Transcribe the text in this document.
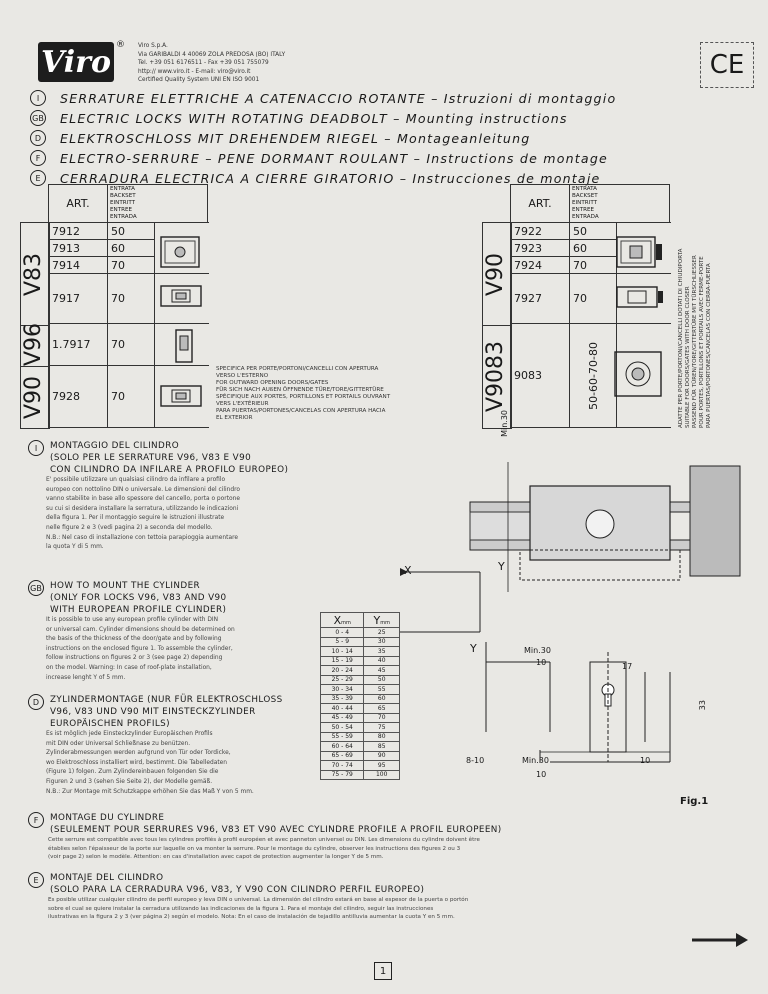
Viro ® Viro S.p.A.
Via GARIBALDI 4 40069 ZOLA PREDOSA (BO) ITALY
Tel. +39 051 6176511 - Fax +39 051 755079
http:// www.viro.it - E-mail: viro@viro.it
Certified Quality System UNI EN ISO 9001
CE
I	SERRATURE ELETTRICHE A CATENACCIO ROTANTE – Istruzioni di montaggio
GB ELECTRIC LOCKS WITH ROTATING DEADBOLT – Mounting instructions
D	ELEKTROSCHLOSS MIT DREHENDEM RIEGEL – Montageanleitung
F	ELECTRO-SERRURE – PENE DORMANT ROULANT – Instructions de montage
E	CERRADURA ELECTRICA A CIERRE GIRATORIO – Instrucciones de montaje
ART.
ENTRATA
BACKSET
EINTRITT
ENTREE
ENTRADA
V83
V96
V90
7912	50	
7913	60	
7914	70	
7917	70	
1.7917	70	
7928	70	
SPECIFICA PER PORTE/PORTONI/CANCELLI CON APERTURA
VERSO L'ESTERNO
FOR OUTWARD OPENING DOORS/GATES
FÜR SICH NACH AUßEN ÖFFNENDE TÜRE/TORE/GITTERTÜRE
SPÉCIFIQUE AUX PORTES, PORTILLONS ET PORTAILS OUVRANT
VERS L'EXTÉRIEUR
PARA PUERTAS/PORTONES/CANCELAS CON APERTURA HACIA
EL EXTERIOR
ART.
ENTRATA
BACKSET
EINTRITT
ENTREE
ENTRADA
V90
V9083
7922	50	
7923	60	
7924	70	
7927	70	
9083	50-60-70-80	
		ADATTE PER PORTE/PORTONI/CANCELLI DOTATI DI CHIUDIPORTA SUITABLE FOR DOORS/GATES WITH DOOR CLOSER PASSEND FÜR TÜREN/TORE/GITTERTÜRE MIT TÜRSCHLIESSER POUR PORTES, PORTILLONS ET PORTAILS AVEC FERME-PORTE PARA PUERTAS/PORTONES/CANCELAS CON CIERRA-PUERTA
I	MONTAGGIO DEL CILINDRO
(SOLO PER LE SERRATURE V96, V83 E V90
CON CILINDRO DA INFILARE A PROFILO EUROPEO)
E' possibile utilizzare un qualsiasi cilindro da infilare a profilo
europeo con nottolino DIN o universale. Le dimensioni del cilindro
vanno stabilite in base allo spessore del cancello, porta o portone
su cui si desidera installare la serratura, utilizzando le indicazioni
della figura 1. Per il montaggio seguire le istruzioni illustrate
nelle figure 2 e 3 (vedi pagina 2) a seconda del modello.
N.B.: Nel caso di installazione con tettoia parapioggia aumentare
la quota Y di 5 mm.
GB HOW TO MOUNT THE CYLINDER
(ONLY FOR LOCKS V96, V83 AND V90
WITH EUROPEAN PROFILE CYLINDER)
It is possible to use any european profile cylinder with DIN
or universal cam. Cylinder dimensions should be determined on
the basis of the thickness of the door/gate and by following
instructions on the enclosed figure 1. To assemble the cylinder,
follow instructions on figures 2 or 3 (see page 2) depending
on the model. Warning: In case of roof-plate installation,
increase lenght Y of 5 mm.
D	ZYLINDERMONTAGE (NUR FÜR ELEKTROSCHLOSS
V96, V83 UND V90 MIT EINSTECKZYLINDER
EUROPÄISCHEN PROFILS)
Es ist möglich jede Einsteckzylinder Europäischen Profils
mit DIN oder Universal Schließnase zu benützen.
Zylinderabmessungen werden aufgrund von Tür oder Tordicke,
wo Elektroschloss installiert wird, bestimmt. Die Tabelledaten
(Figure 1) folgen. Zum Zylindereinbauen folgenden Sie die
Figuren 2 und 3 (sehen Sie Seite 2), der Modelle gemäß.
N.B.: Zur Montage mit Schutzkappe erhöhen Sie das Maß Y von 5 mm.
Xmm	Ymm
0 - 4	25
5 - 9	30
10 - 14	35
15 - 19	40
20 - 24	45
25 - 29	50
30 - 34	55
35 - 39	60
40 - 44	65
45 - 49	70
50 - 54	75
55 - 59	80
60 - 64	85
65 - 69	90
70 - 74	95
75 - 79	100
Min.30
X	Y
Y	Min.30
10	17
33
8-10	Min.30
10
10
Fig.1
F	MONTAGE DU CYLINDRE
(SEULEMENT POUR SERRURES V96, V83 ET V90 AVEC CYLINDRE PROFILE A PROFIL EUROPEEN)
Cette serrure est compatible avec tous les cylindres profilés à profil européen et avec panneton universel ou DIN. Les dimensions du cylindre doivent être
établies selon l'épaisseur de la porte sur laquelle on va monter la serrure. Pour le montage du cylindre, observer les instructions des figures 2 ou 3
(voir page 2) selon le modèle. Attention: en cas d'installation avec capot de protection augmenter la longer Y de 5 mm.
E	MONTAJE DEL CILINDRO
(SOLO PARA LA CERRADURA V96, V83, Y V90 CON CILINDRO PERFIL EUROPEO)
Es posible utilizar cualquier cilindro de perfil europeo y leva DIN o universal. La dimensión del cilindro estará en base al espesor de la puerta o portón
sobre el cual se quiere instalar la cerradura utilizando las indicaciones de la figura 1. Para el montaje del cilindro, seguir las instrucciones
ilustrativas en la figura 2 y 3 (ver página 2) según el modelo. Nota: En el caso de instalación de tejadillo antilluvia aumentar la cuota Y en 5 mm.
1
